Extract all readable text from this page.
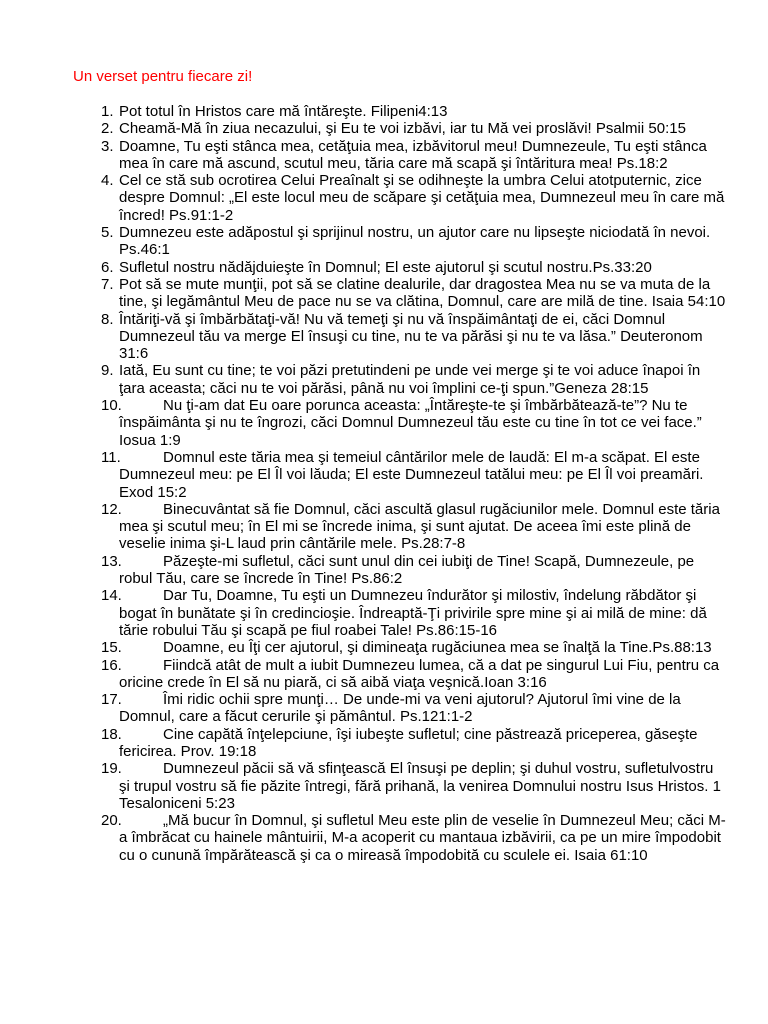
Un verset pentru fiecare zi!
1. Pot totul în Hristos care mă întăreşte. Filipeni4:13
2. Cheamă-Mă în ziua necazului, şi Eu te voi izbăvi, iar tu Mă vei proslăvi! Psalmii 50:15
3. Doamne, Tu eşti stânca mea, cetăţuia mea, izbăvitorul meu! Dumnezeule, Tu eşti stânca mea în care mă ascund, scutul meu, tăria care mă scapă şi întăritura mea! Ps.18:2
4. Cel ce stă sub ocrotirea Celui Preaînalt şi se odihneşte la umbra Celui atotputernic, zice despre Domnul: „El este locul meu de scăpare şi cetăţuia mea, Dumnezeul meu în care mă încred! Ps.91:1-2
5. Dumnezeu este adăpostul şi sprijinul nostru, un ajutor care nu lipseşte niciodată în nevoi. Ps.46:1
6. Sufletul nostru nădăjduieşte în Domnul; El este ajutorul şi scutul nostru.Ps.33:20
7. Pot să se mute munţii, pot să se clatine dealurile, dar dragostea Mea nu se va muta de la tine, şi legământul Meu de pace nu se va clătina, Domnul, care are milă de tine. Isaia 54:10
8. Întăriţi-vă şi îmbărbătaţi-vă! Nu vă temeţi şi nu vă înspăimântaţi de ei, căci Domnul Dumnezeul tău va merge El însuşi cu tine, nu te va părăsi şi nu te va lăsa.” Deuteronom 31:6
9. Iată, Eu sunt cu tine; te voi păzi pretutindeni pe unde vei merge şi te voi aduce înapoi în ţara aceasta; căci nu te voi părăsi, până nu voi împlini ce-ţi spun.”Geneza 28:15
10.	Nu ţi-am dat Eu oare porunca aceasta: „Întăreşte-te şi îmbărbătează-te”? Nu te înspăimânta şi nu te îngrozi, căci Domnul Dumnezeul tău este cu tine în tot ce vei face.” Iosua 1:9
11.	Domnul este tăria mea şi temeiul cântărilor mele de laudă: El m-a scăpat. El este Dumnezeul meu: pe El Îl voi lăuda; El este Dumnezeul tatălui meu: pe El Îl voi preamări. Exod 15:2
12.	Binecuvântat să fie Domnul, căci ascultă glasul rugăciunilor mele. Domnul este tăria mea şi scutul meu; în El mi se încrede inima, şi sunt ajutat. De aceea îmi este plină de veselie inima şi-L laud prin cântările mele. Ps.28:7-8
13.	Păzeşte-mi sufletul, căci sunt unul din cei iubiţi de Tine! Scapă, Dumnezeule, pe robul Tău, care se încrede în Tine! Ps.86:2
14.	Dar Tu, Doamne, Tu eşti un Dumnezeu îndurător şi milostiv, îndelung răbdător şi bogat în bunătate şi în credincioşie. Îndreaptă-Ţi privirile spre mine şi ai milă de mine: dă tărie robului Tău şi scapă pe fiul roabei Tale! Ps.86:15-16
15.	Doamne, eu Îţi cer ajutorul, şi dimineaţa rugăciunea mea se înalţă la Tine.Ps.88:13
16.	Fiindcă atât de mult a iubit Dumnezeu lumea, că a dat pe singurul Lui Fiu, pentru ca oricine crede în El să nu piară, ci să aibă viaţa veşnică.Ioan 3:16
17.	Îmi ridic ochii spre munţi… De unde-mi va veni ajutorul? Ajutorul îmi vine de la Domnul, care a făcut cerurile şi pământul. Ps.121:1-2
18.	Cine capătă înţelepciune, îşi iubeşte sufletul; cine păstrează priceperea, găseşte fericirea. Prov. 19:18
19.	Dumnezeul păcii să vă sfinţească El însuşi pe deplin; şi duhul vostru, sufletulvostru şi trupul vostru să fie păzite întregi, fără prihană, la venirea Domnului nostru Isus Hristos. 1 Tesaloniceni 5:23
20.	„Mă bucur în Domnul, şi sufletul Meu este plin de veselie în Dumnezeul Meu; căci M-a îmbrăcat cu hainele mântuirii, M-a acoperit cu mantaua izbăvirii, ca pe un mire împodobit cu o cunună împărătească şi ca o mireasă împodobită cu sculele ei. Isaia 61:10
